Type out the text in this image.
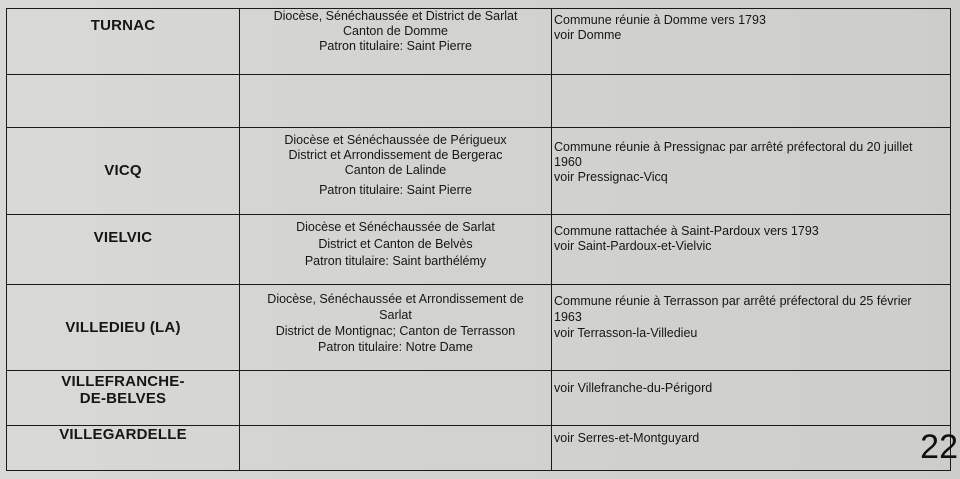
TURNAC	Diocèse, Sénéchaussée et District de Sarlat
Canton de Domme
Patron titulaire: Saint Pierre	Commune réunie à Domme vers 1793
voir Domme

VICQ	Diocèse et Sénéchaussée de Périgueux
District et Arrondissement de Bergerac
Canton de Lalinde
Patron titulaire: Saint Pierre	Commune réunie à Pressignac par arrêté préfectoral du 20 juillet
1960
voir Pressignac-Vicq

VIELVIC	Diocèse et Sénéchaussée de Sarlat
District et Canton de Belvès
Patron titulaire: Saint barthélémy	Commune rattachée à Saint-Pardoux vers 1793
voir Saint-Pardoux-et-Vielvic

VILLEDIEU (LA)	Diocèse, Sénéchaussée et Arrondissement de
Sarlat
District de Montignac; Canton de Terrasson
Patron titulaire: Notre Dame	Commune réunie à Terrasson par arrêté préfectoral du 25 février
1963
voir Terrasson-la-Villedieu

VILLEFRANCHE-
DE-BELVES		voir Villefranche-du-Périgord

VILLEGARDELLE		voir Serres-et-Montguyard	22
